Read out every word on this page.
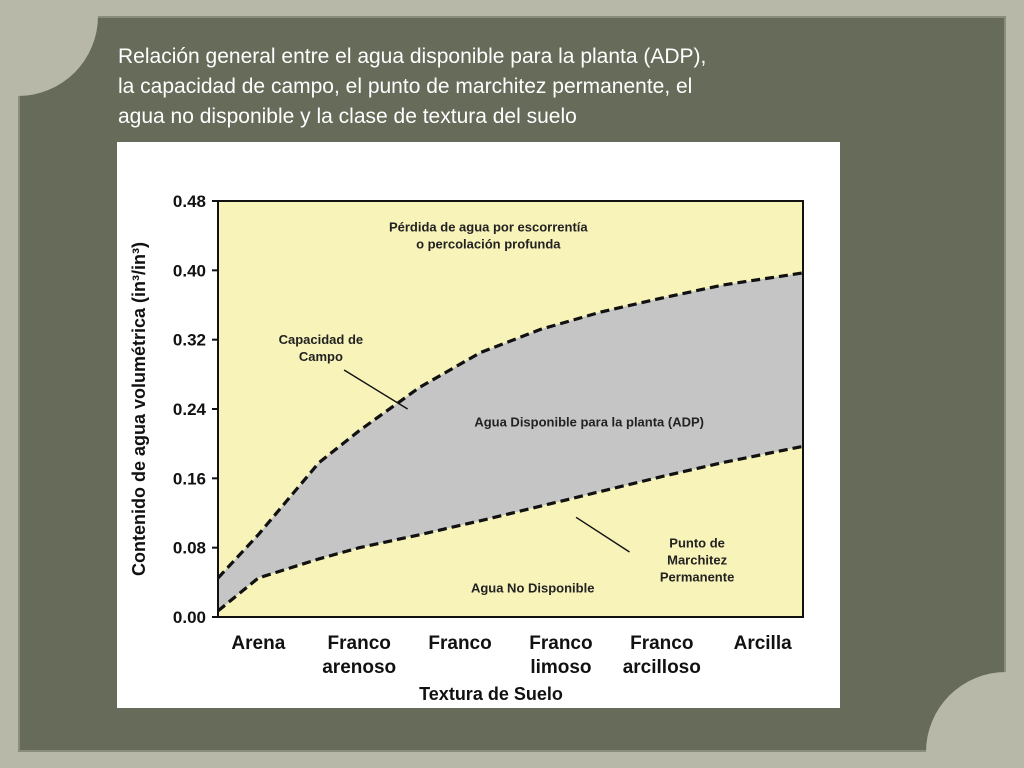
Relación general entre el agua disponible para la planta (ADP),
la capacidad de campo, el punto de marchitez permanente, el
agua no disponible y la clase de textura del suelo
0.00
0.08
0.16
0.24
0.32
0.40
0.48
Arena Franco
arenoso
Franco Franco
limoso
Franco
arcilloso
Arcilla
Textura de Suelo
Contenido de agua volumétrica (in³/in³)
Pérdida de agua por escorrentía o percolación profunda
Capacidad de Campo
Agua Disponible para la planta (ADP)
Punto de Marchitez Permanente
Agua No Disponible
